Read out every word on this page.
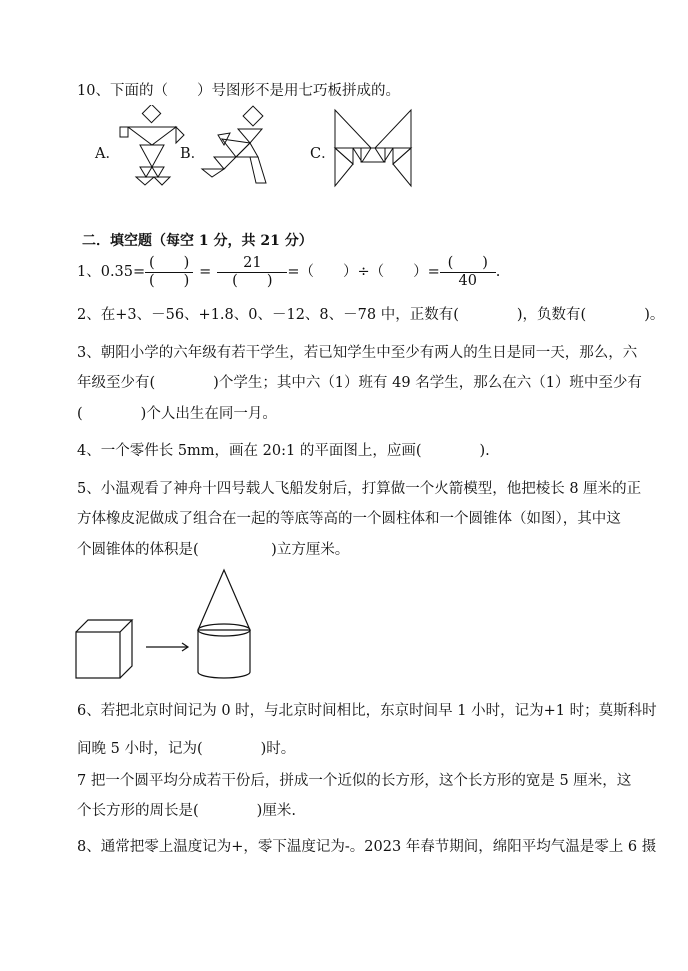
10、下面的（　　）号图形不是用七巧板拼成的。
A．	B．	C．
二．填空题（每空 1 分，共 21 分）
1、$0.35= \frac{( )}{( )} = \frac{21}{( )}$ =（　　）÷（　　）= $\frac{( )}{40}$ .
2、在+3、－56、+1.8、0、－12、8、－78 中，正数有(　　　　)，负数有(　　　　)。
3、朝阳小学的六年级有若干学生，若已知学生中至少有两人的生日是同一天，那么，六
年级至少有(　　　　)个学生；其中六（1）班有 49 名学生，那么在六（1）班中至少有
(　　　　)个人出生在同一月。
4、一个零件长 5mm，画在 20:1 的平面图上，应画(　　　　).
5、小温观看了神舟十四号载人飞船发射后，打算做一个火箭模型，他把棱长 8 厘米的正
方体橡皮泥做成了组合在一起的等底等高的一个圆柱体和一个圆锥体（如图），其中这
个圆锥体的体积是(　　　　　)立方厘米。
6、若把北京时间记为 0 时，与北京时间相比，东京时间早 1 小时，记为+1 时；莫斯科时
间晚 5 小时，记为(　　　　)时。
7 把一个圆平均分成若干份后，拼成一个近似的长方形，这个长方形的宽是 5 厘米，这
个长方形的周长是(　　　　)厘米.
8、通常把零上温度记为+，零下温度记为-。2023 年春节期间，绵阳平均气温是零上 6 摄
